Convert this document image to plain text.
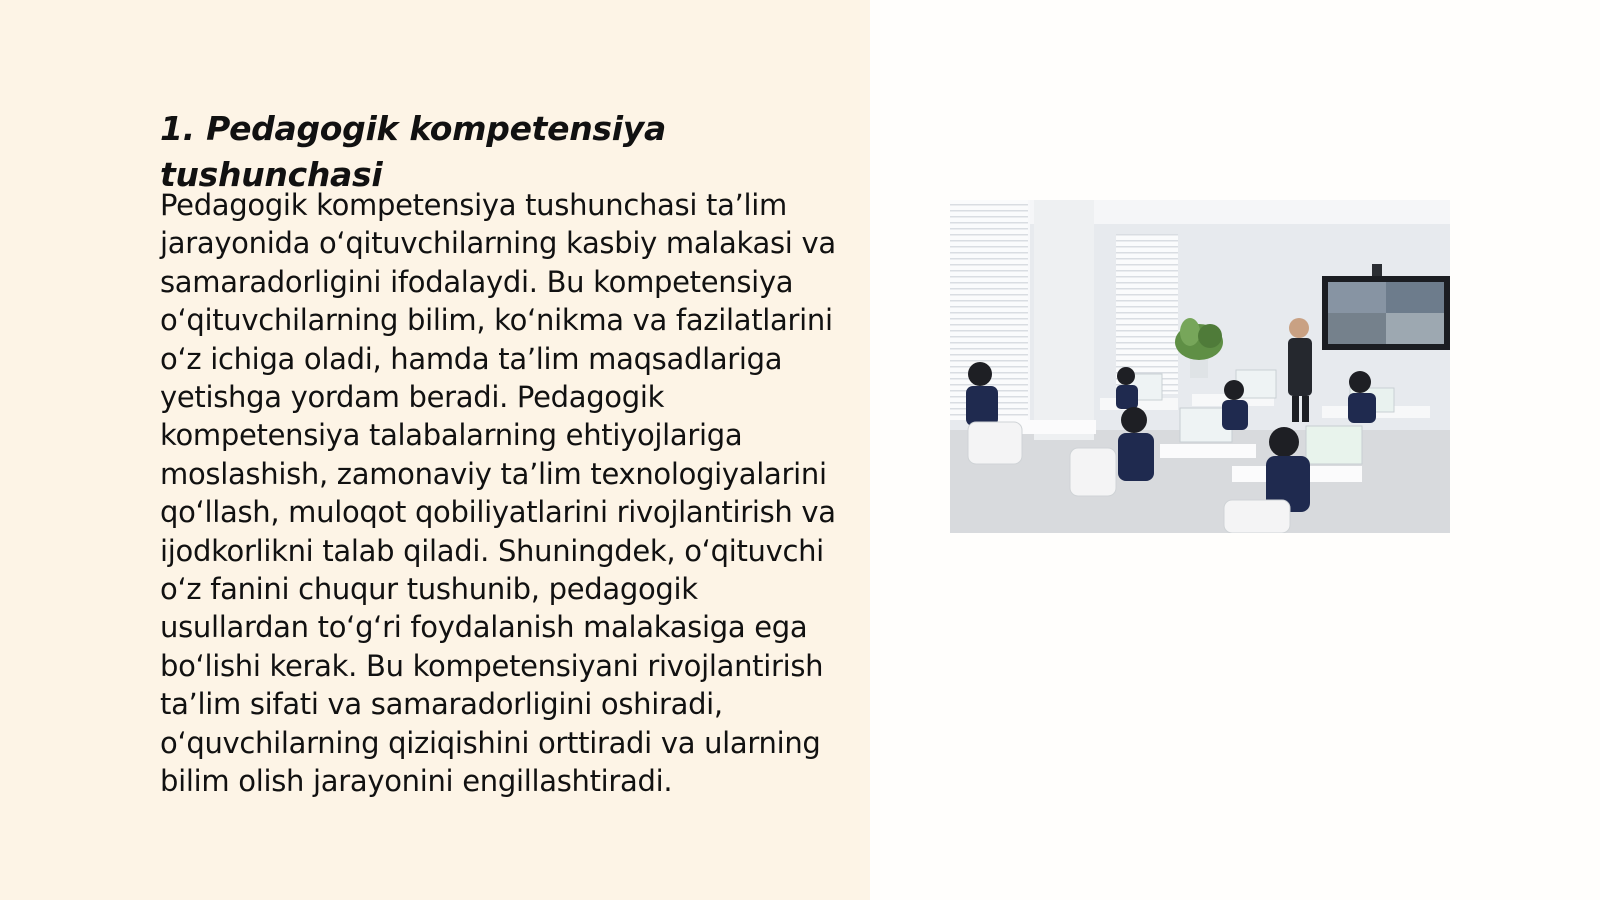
1. Pedagogik kompetensiya tushunchasi

Pedagogik kompetensiya tushunchasi ta’lim jarayonida o‘qituvchilarning kasbiy malakasi va samaradorligini ifodalaydi. Bu kompetensiya o‘qituvchilarning bilim, ko‘nikma va fazilatlarini o‘z ichiga oladi, hamda ta’lim maqsadlariga yetishga yordam beradi. Pedagogik kompetensiya talabalarning ehtiyojlariga moslashish, zamonaviy ta’lim texnologiyalarini qo‘llash, muloqot qobiliyatlarini rivojlantirish va ijodkorlikni talab qiladi. Shuningdek, o‘qituvchi o‘z fanini chuqur tushunib, pedagogik usullardan to‘g‘ri foydalanish malakasiga ega bo‘lishi kerak. Bu kompetensiyani rivojlantirish ta’lim sifati va samaradorligini oshiradi, o‘quvchilarning qiziqishini orttiradi va ularning bilim olish jarayonini engillashtiradi.
